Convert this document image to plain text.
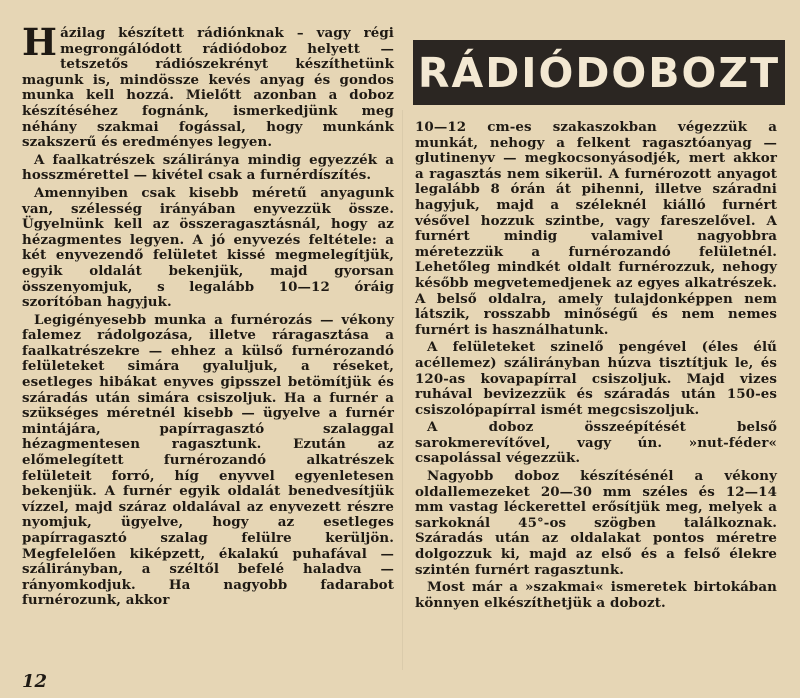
RÁDIÓDOBOZT

Házilag készített rádiónknak – vagy régi megrongálódott rádiódoboz helyett — tetszetős rádiószekrényt készíthetünk magunk is, mindössze kevés anyag és gondos munka kell hozzá. Mielőtt azonban a doboz készítéséhez fognánk, ismerkedjünk meg néhány szakmai fogással, hogy munkánk szakszerű és eredményes legyen.

A faalkatrészek száliránya mindig egyezzék a hosszmérettel — kivétel csak a furnérdíszítés.

Amennyiben csak kisebb méretű anyagunk van, szélesség irányában enyvezzük össze. Ügyelnünk kell az összeragasztásnál, hogy az hézagmentes legyen. A jó enyvezés feltétele: a két enyvezendő felületet kissé megmelegítjük, egyik oldalát bekenjük, majd gyorsan összenyomjuk, s legalább 10—12 óráig szorítóban hagyjuk.

Legigényesebb munka a furnérozás — vékony falemez rádolgozása, illetve ráragasztása a faalkatrészekre — ehhez a külső furnérozandó felületeket simára gyaluljuk, a réseket, esetleges hibákat enyves gipsszel betömítjük és száradás után simára csiszoljuk. Ha a furnér a szükséges méretnél kisebb — ügyelve a furnér mintájára, papírragasztó szalaggal hézagmentesen ragasztunk. Ezután az előmelegített furnérozandó alkatrészek felületeit forró, híg enyvvel egyenletesen bekenjük. A furnér egyik oldalát benedvesítjük vízzel, majd száraz oldalával az enyvezett részre nyomjuk, ügyelve, hogy az esetleges papírragasztó szalag felülre kerüljön. Megfelelően kiképzett, ékalakú puhafával — szálirányban, a széltől befelé haladva — rányomkodjuk. Ha nagyobb fadarabot furnérozunk, akkor

10—12 cm-es szakaszokban végezzük a munkát, nehogy a felkent ragasztóanyag — glutinenyv — megkocsonyásodjék, mert akkor a ragasztás nem sikerül. A furnérozott anyagot legalább 8 órán át pihenni, illetve száradni hagyjuk, majd a széleknél kiálló furnért vésővel hozzuk szintbe, vagy fareszelővel. A furnért mindig valamivel nagyobbra méretezzük a furnérozandó felületnél. Lehetőleg mindkét oldalt furnérozzuk, nehogy később megvetemedjenek az egyes alkatrészek. A belső oldalra, amely tulajdonképpen nem látszik, rosszabb minőségű és nem nemes furnért is használhatunk.

A felületeket szinelő pengével (éles élű acéllemez) szálirányban húzva tisztítjuk le, és 120-as kovapapírral csiszoljuk. Majd vizes ruhával bevizezzük és száradás után 150-es csiszolópapírral ismét megcsiszoljuk.

A doboz összeépítését belső sarokmerevítővel, vagy ún. »nut-féder« csapolással végezzük.

Nagyobb doboz készítésénél a vékony oldallemezeket 20—30 mm széles és 12—14 mm vastag léckerettel erősítjük meg, melyek a sarkoknál 45°-os szögben találkoznak. Száradás után az oldalakat pontos méretre dolgozzuk ki, majd az első és a felső élekre szintén furnért ragasztunk.

Most már a »szakmai« ismeretek birtokában könnyen elkészíthetjük a dobozt.

12
